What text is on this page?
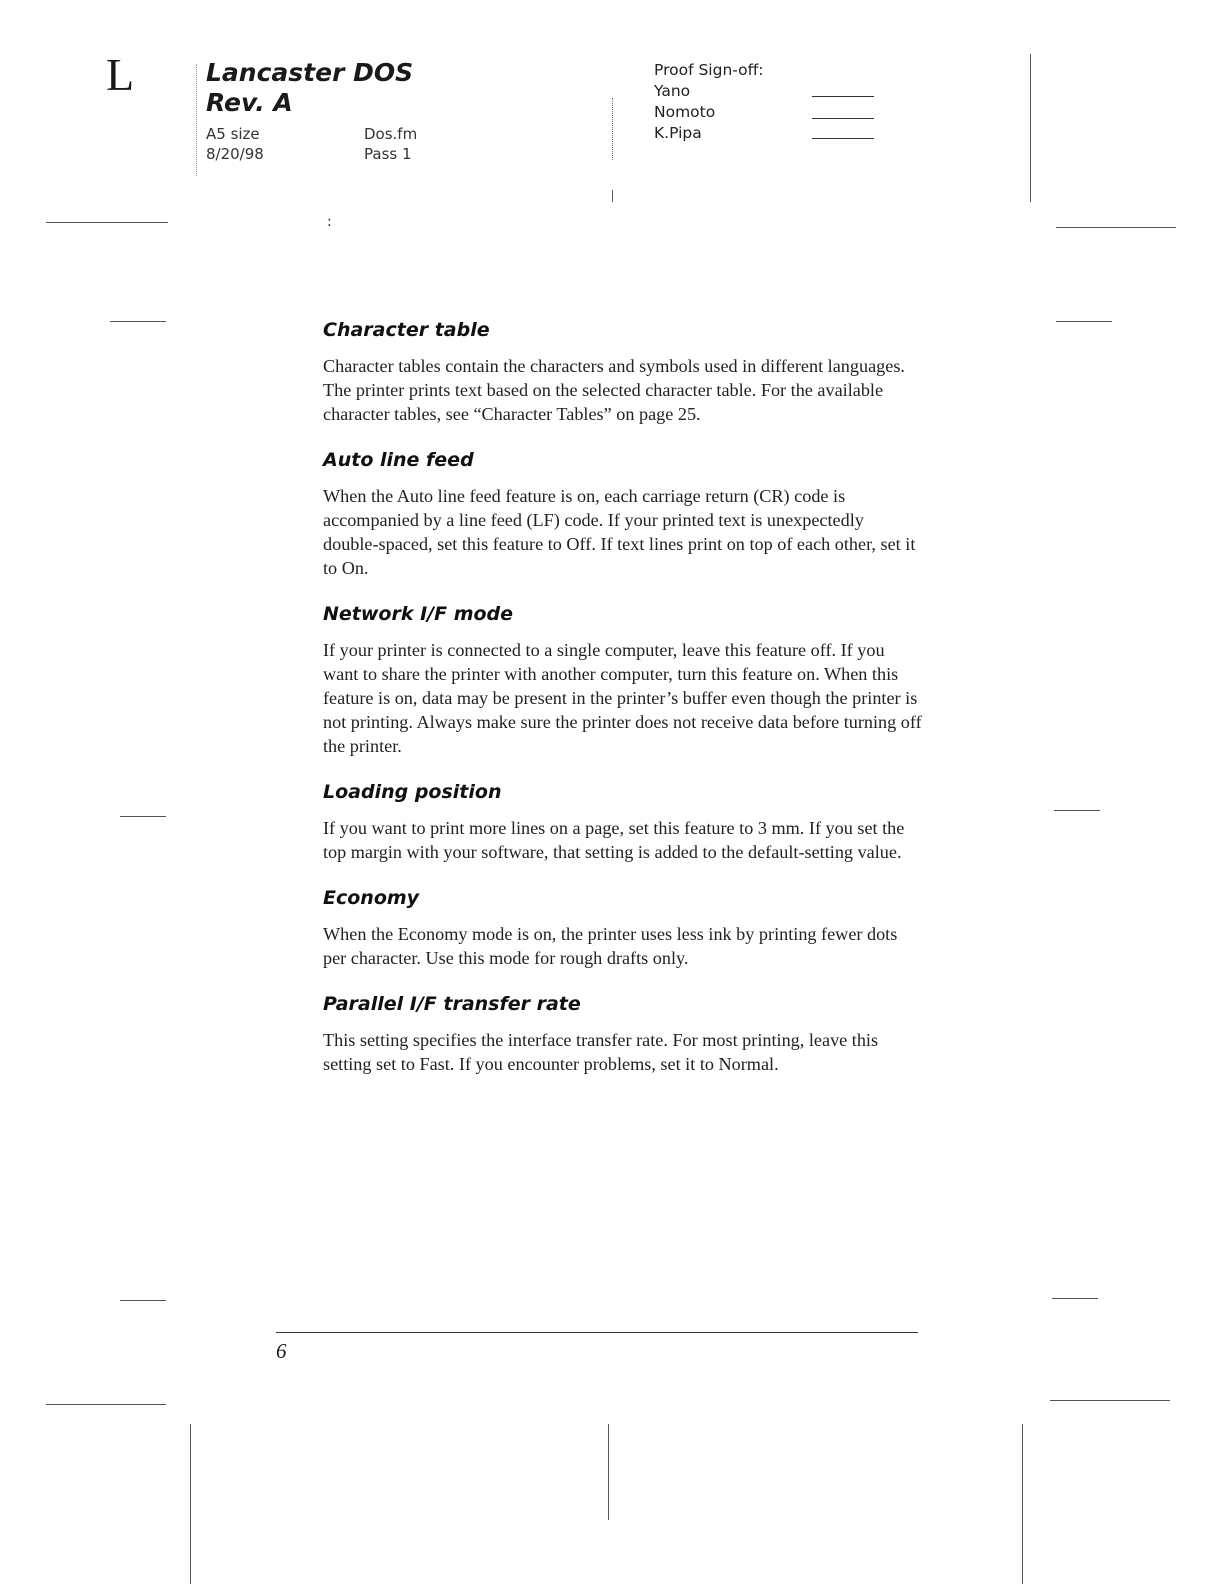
L	Lancaster DOS
Rev. A
A5 size
8/20/98
Dos.fm
Pass 1
:
Proof Sign-off:
Yano
Nomoto
K.Pipa
Character table

Character tables contain the characters and symbols used in different languages. The printer prints text based on the selected character table. For the available character tables, see “Character Tables” on page 25.

Auto line feed

When the Auto line feed feature is on, each carriage return (CR) code is accompanied by a line feed (LF) code. If your printed text is unexpectedly double-spaced, set this feature to Off. If text lines print on top of each other, set it to On.

Network I/F mode

If your printer is connected to a single computer, leave this feature off. If you want to share the printer with another computer, turn this feature on. When this feature is on, data may be present in the printer’s buffer even though the printer is not printing. Always make sure the printer does not receive data before turning off the printer.

Loading position

If you want to print more lines on a page, set this feature to 3 mm. If you set the top margin with your software, that setting is added to the default-setting value.

Economy

When the Economy mode is on, the printer uses less ink by printing fewer dots per character. Use this mode for rough drafts only.

Parallel I/F transfer rate

This setting specifies the interface transfer rate. For most printing, leave this setting set to Fast. If you encounter problems, set it to Normal.

6
